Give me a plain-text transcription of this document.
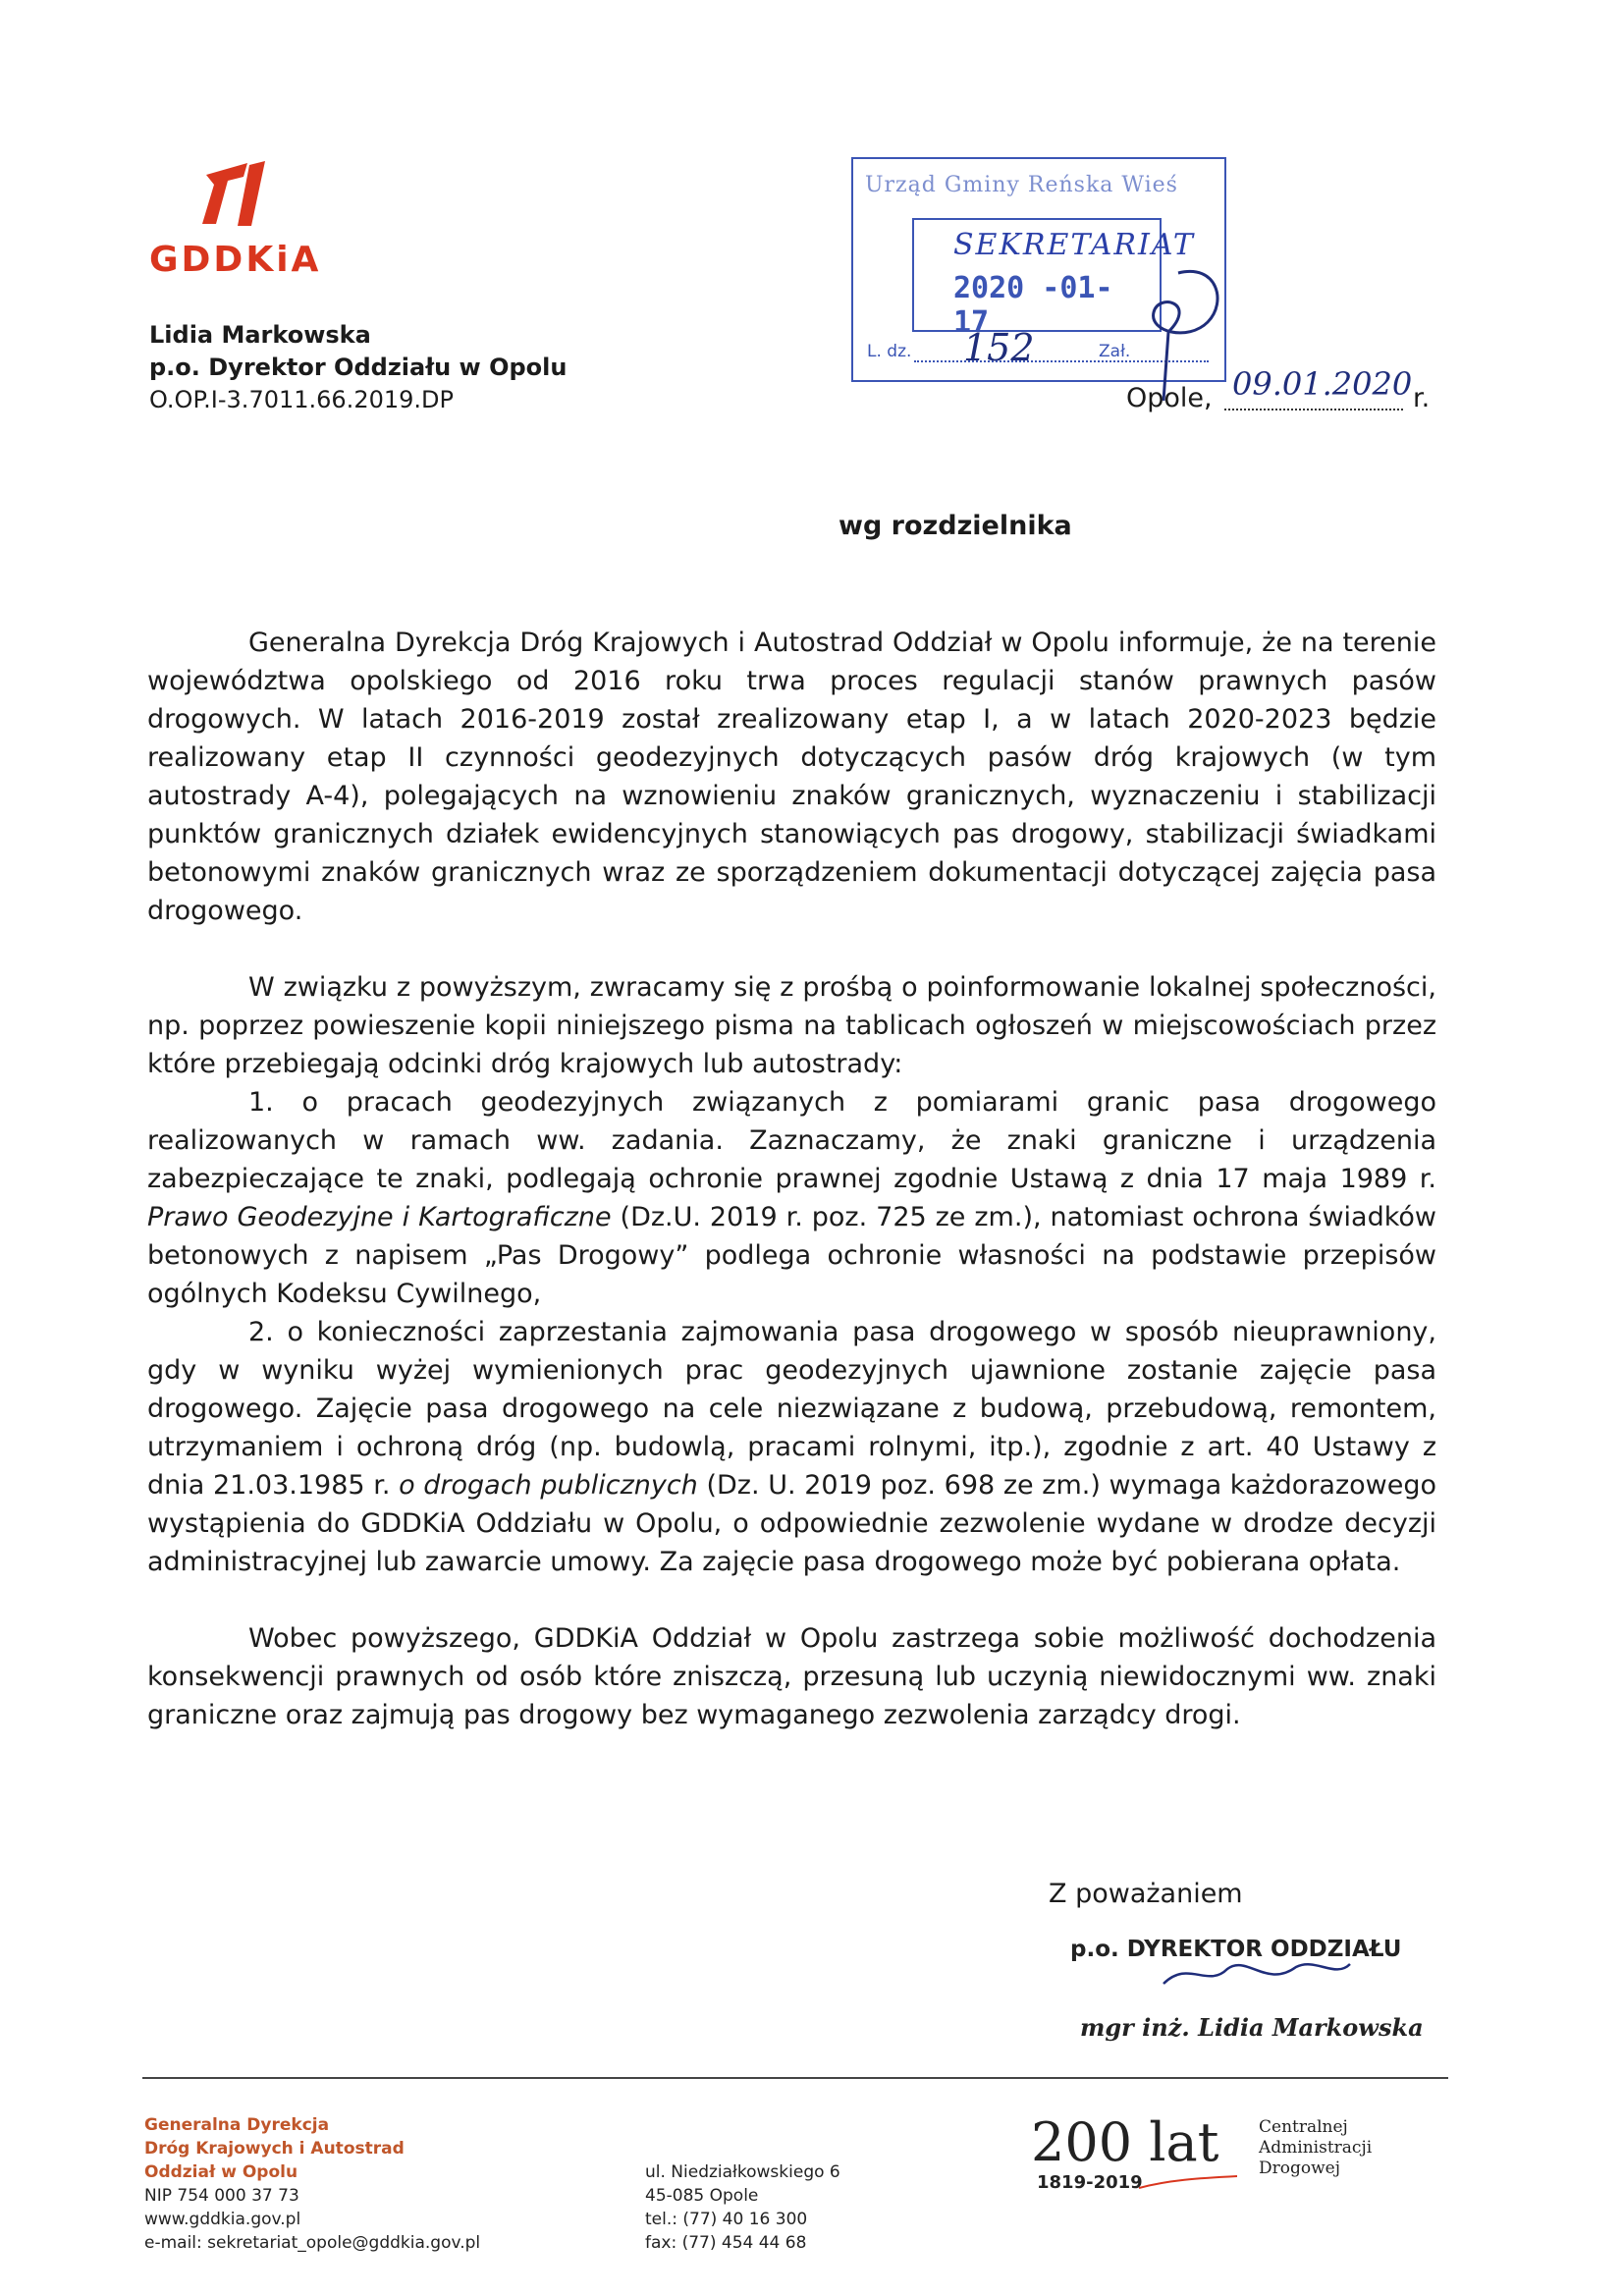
GDDKiA
Lidia Markowska
p.o. Dyrektor Oddziału w Opolu
O.OP.I-3.7011.66.2019.DP
Urząd Gminy Reńska Wieś
SEKRETARIAT
2020 -01- 17
L. dz. 152	Zał.
Opole, 09.01.2020 r.
wg rozdzielnika

Generalna Dyrekcja Dróg Krajowych i Autostrad Oddział w Opolu informuje, że na terenie województwa opolskiego od 2016 roku trwa proces regulacji stanów prawnych pasów drogowych. W latach 2016-2019 został zrealizowany etap I, a w latach 2020-2023 będzie realizowany etap II czynności geodezyjnych dotyczących pasów dróg krajowych (w tym autostrady A-4), polegających na wznowieniu znaków granicznych, wyznaczeniu i stabilizacji punktów granicznych działek ewidencyjnych stanowiących pas drogowy, stabilizacji świadkami betonowymi znaków granicznych wraz ze sporządzeniem dokumentacji dotyczącej zajęcia pasa drogowego.

W związku z powyższym, zwracamy się z prośbą o poinformowanie lokalnej społeczności, np. poprzez powieszenie kopii niniejszego pisma na tablicach ogłoszeń w miejscowościach przez które przebiegają odcinki dróg krajowych lub autostrady:

1. o pracach geodezyjnych związanych z pomiarami granic pasa drogowego realizowanych w ramach ww. zadania. Zaznaczamy, że znaki graniczne i urządzenia zabezpieczające te znaki, podlegają ochronie prawnej zgodnie Ustawą z dnia 17 maja 1989 r. Prawo Geodezyjne i Kartograficzne (Dz.U. 2019 r. poz. 725 ze zm.), natomiast ochrona świadków betonowych z napisem „Pas Drogowy” podlega ochronie własności na podstawie przepisów ogólnych Kodeksu Cywilnego,

2. o konieczności zaprzestania zajmowania pasa drogowego w sposób nieuprawniony, gdy w wyniku wyżej wymienionych prac geodezyjnych ujawnione zostanie zajęcie pasa drogowego. Zajęcie pasa drogowego na cele niezwiązane z budową, przebudową, remontem, utrzymaniem i ochroną dróg (np. budowlą, pracami rolnymi, itp.), zgodnie z art. 40 Ustawy z dnia 21.03.1985 r. o drogach publicznych (Dz. U. 2019 poz. 698 ze zm.) wymaga każdorazowego wystąpienia do GDDKiA Oddziału w Opolu, o odpowiednie zezwolenie wydane w drodze decyzji administracyjnej lub zawarcie umowy. Za zajęcie pasa drogowego może być pobierana opłata.

Wobec powyższego, GDDKiA Oddział w Opolu zastrzega sobie możliwość dochodzenia konsekwencji prawnych od osób które zniszczą, przesuną lub uczynią niewidocznymi ww. znaki graniczne oraz zajmują pas drogowy bez wymaganego zezwolenia zarządcy drogi.

Z poważaniem
p.o. DYREKTOR ODDZIAŁU
mgr inż. Lidia Markowska
Generalna Dyrekcja
Dróg Krajowych i Autostrad
Oddział w Opolu
NIP 754 000 37 73
www.gddkia.gov.pl
e-mail: sekretariat_opole@gddkia.gov.pl
ul. Niedziałkowskiego 6
45-085 Opole
tel.: (77) 40 16 300
fax: (77) 454 44 68
200 lat
1819-2019
Centralnej
Administracji
Drogowej
